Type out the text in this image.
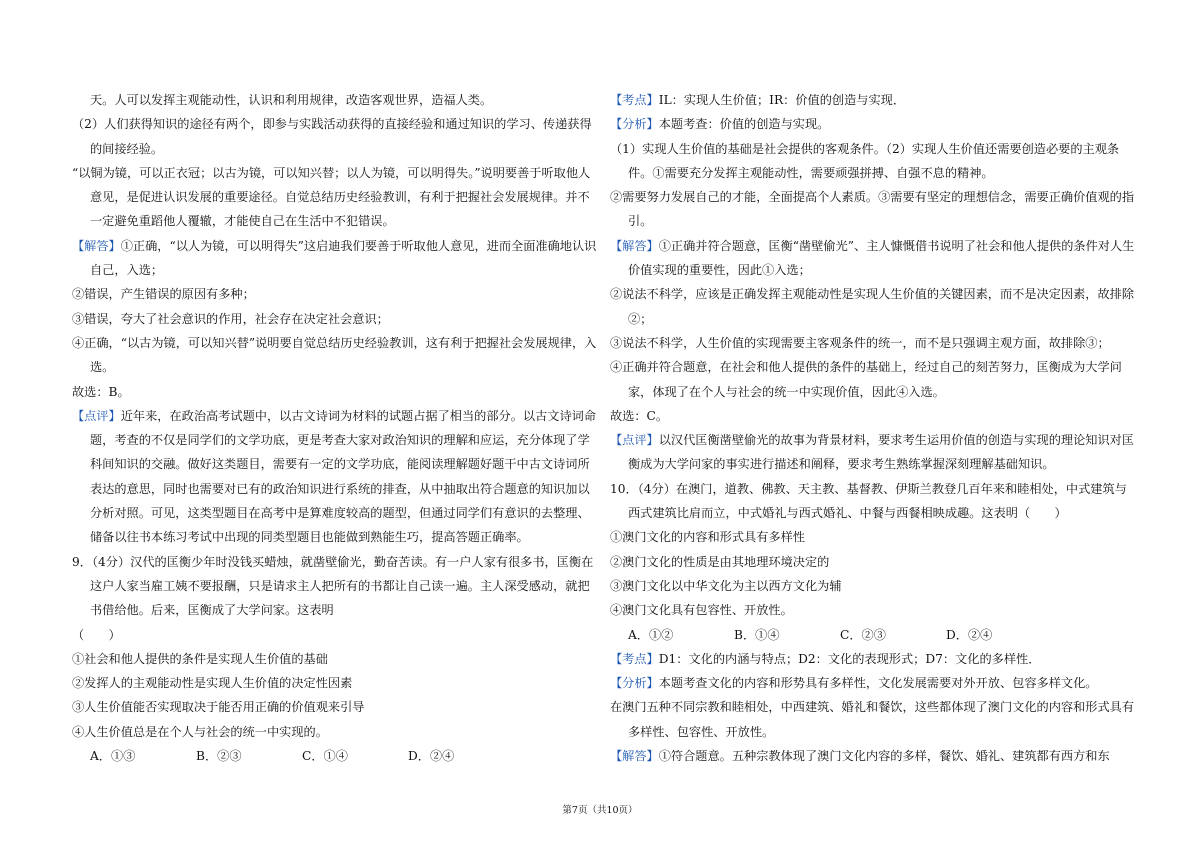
天。人可以发挥主观能动性，认识和利用规律，改造客观世界，造福人类。

（2）人们获得知识的途径有两个，即参与实践活动获得的直接经验和通过知识的学习、传递获得的间接经验。

“以铜为镜，可以正衣冠；以古为镜，可以知兴替；以人为镜，可以明得失。”说明要善于听取他人意见，是促进认识发展的重要途径。自觉总结历史经验教训，有利于把握社会发展规律。并不一定避免重蹈他人覆辙，才能使自己在生活中不犯错误。

【解答】①正确，“以人为镜，可以明得失”这启迪我们要善于听取他人意见，进而全面准确地认识自己，入选；

②错误，产生错误的原因有多种；

③错误，夸大了社会意识的作用，社会存在决定社会意识；

④正确，“以古为镜，可以知兴替”说明要自觉总结历史经验教训，这有利于把握社会发展规律，入选。

故选：B。

【点评】近年来，在政治高考试题中，以古文诗词为材料的试题占据了相当的部分。以古文诗词命题，考查的不仅是同学们的文学功底，更是考查大家对政治知识的理解和应运，充分体现了学科间知识的交融。做好这类题目，需要有一定的文学功底，能阅读理解题好题干中古文诗词所表达的意思，同时也需要对已有的政治知识进行系统的排查，从中抽取出符合题意的知识加以分析对照。可见，这类型题目在高考中是算难度较高的题型，但通过同学们有意识的去整理、储备以往书本练习考试中出现的同类型题目也能做到熟能生巧，提高答题正确率。

9．（4分）汉代的匡衡少年时没钱买蜡烛，就凿壁偷光，勤奋苦读。有一户人家有很多书，匡衡在这户人家当雇工姨不要报酬，只是请求主人把所有的书都让自己读一遍。主人深受感动，就把书借给他。后来，匡衡成了大学问家。这表明

（　　）

①社会和他人提供的条件是实现人生价值的基础

②发挥人的主观能动性是实现人生价值的决定性因素

③人生价值能否实现取决于能否用正确的价值观来引导

④人生价值总是在个人与社会的统一中实现的。

A．①③	B．②③	C．①④	D．②④

【考点】IL：实现人生价值；IR：价值的创造与实现．

【分析】本题考查：价值的创造与实现。

（1）实现人生价值的基础是社会提供的客观条件。（2）实现人生价值还需要创造必要的主观条件。①需要充分发挥主观能动性，需要顽强拼搏、自强不息的精神。

②需要努力发展自己的才能，全面提高个人素质。③需要有坚定的理想信念，需要正确价值观的指引。

【解答】①正确并符合题意，匡衡“凿壁偷光”、主人慷慨借书说明了社会和他人提供的条件对人生价值实现的重要性，因此①入选；

②说法不科学，应该是正确发挥主观能动性是实现人生价值的关键因素，而不是决定因素，故排除②；

③说法不科学，人生价值的实现需要主客观条件的统一，而不是只强调主观方面，故排除③；

④正确并符合题意，在社会和他人提供的条件的基础上，经过自己的刻苦努力，匡衡成为大学问家，体现了在个人与社会的统一中实现价值，因此④入选。

故选：C。

【点评】以汉代匡衡凿壁偷光的故事为背景材料，要求考生运用价值的创造与实现的理论知识对匡衡成为大学问家的事实进行描述和阐释，要求考生熟练掌握深刻理解基础知识。

10．（4分）在澳门，道教、佛教、天主教、基督教、伊斯兰教登几百年来和睦相处，中式建筑与西式建筑比肩而立，中式婚礼与西式婚礼、中餐与西餐相映成趣。这表明（　　）

①澳门文化的内容和形式具有多样性

②澳门文化的性质是由其地理环境决定的

③澳门文化以中华文化为主以西方文化为辅

④澳门文化具有包容性、开放性。

A．①②	B．①④	C．②③	D．②④

【考点】D1：文化的内涵与特点；D2：文化的表现形式；D7：文化的多样性．

【分析】本题考查文化的内容和形势具有多样性，文化发展需要对外开放、包容多样文化。

在澳门五种不同宗教和睦相处，中西建筑、婚礼和餐饮，这些都体现了澳门文化的内容和形式具有多样性、包容性、开放性。

【解答】①符合题意。五种宗教体现了澳门文化内容的多样，餐饮、婚礼、建筑都有西方和东

第7页（共10页）
